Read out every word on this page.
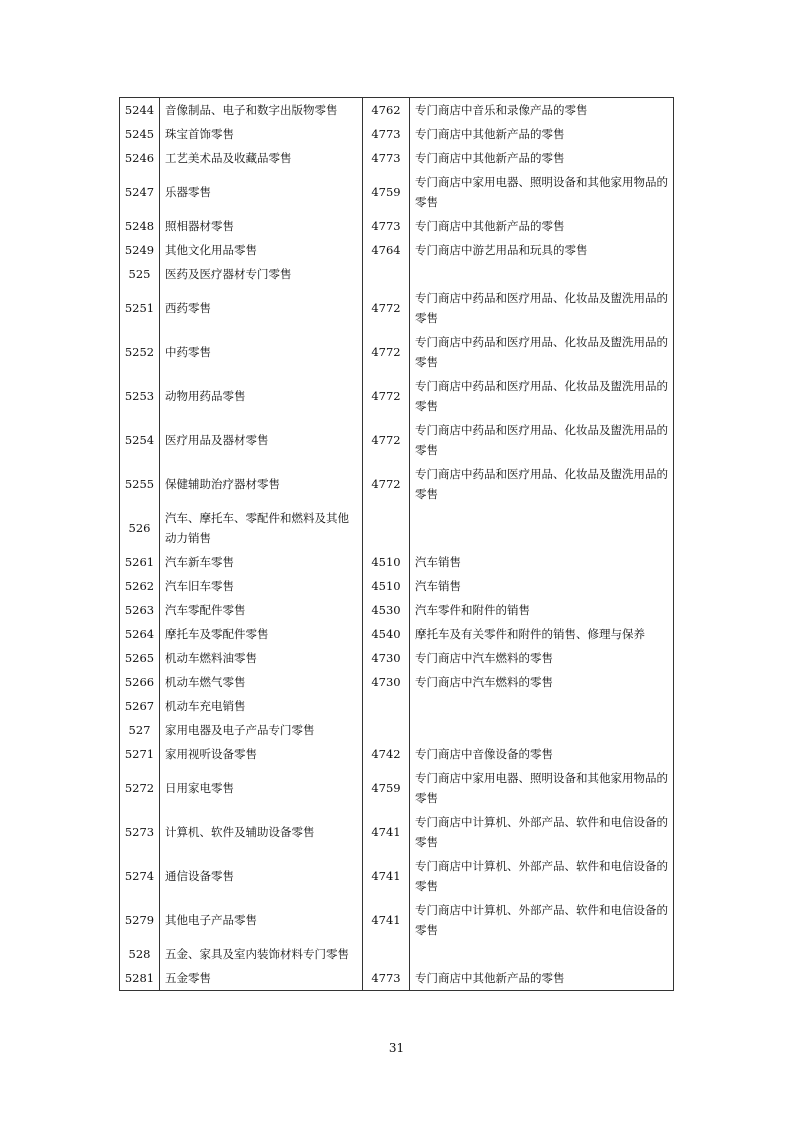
5244	音像制品、电子和数字出版物零售	4762	专门商店中音乐和录像产品的零售
5245	珠宝首饰零售	4773	专门商店中其他新产品的零售
5246	工艺美术品及收藏品零售	4773	专门商店中其他新产品的零售
5247	乐器零售	4759	专门商店中家用电器、照明设备和其他家用物品的零售
5248	照相器材零售	4773	专门商店中其他新产品的零售
5249	其他文化用品零售	4764	专门商店中游艺用品和玩具的零售
525	医药及医疗器材专门零售		
5251	西药零售	4772	专门商店中药品和医疗用品、化妆品及盥洗用品的零售
5252	中药零售	4772	专门商店中药品和医疗用品、化妆品及盥洗用品的零售
5253	动物用药品零售	4772	专门商店中药品和医疗用品、化妆品及盥洗用品的零售
5254	医疗用品及器材零售	4772	专门商店中药品和医疗用品、化妆品及盥洗用品的零售
5255	保健辅助治疗器材零售	4772	专门商店中药品和医疗用品、化妆品及盥洗用品的零售
526	汽车、摩托车、零配件和燃料及其他动力销售		
5261	汽车新车零售	4510	汽车销售
5262	汽车旧车零售	4510	汽车销售
5263	汽车零配件零售	4530	汽车零件和附件的销售
5264	摩托车及零配件零售	4540	摩托车及有关零件和附件的销售、修理与保养
5265	机动车燃料油零售	4730	专门商店中汽车燃料的零售
5266	机动车燃气零售	4730	专门商店中汽车燃料的零售
5267	机动车充电销售		
527	家用电器及电子产品专门零售		
5271	家用视听设备零售	4742	专门商店中音像设备的零售
5272	日用家电零售	4759	专门商店中家用电器、照明设备和其他家用物品的零售
5273	计算机、软件及辅助设备零售	4741	专门商店中计算机、外部产品、软件和电信设备的零售
5274	通信设备零售	4741	专门商店中计算机、外部产品、软件和电信设备的零售
5279	其他电子产品零售	4741	专门商店中计算机、外部产品、软件和电信设备的零售
528	五金、家具及室内装饰材料专门零售		
5281	五金零售	4773	专门商店中其他新产品的零售
31
